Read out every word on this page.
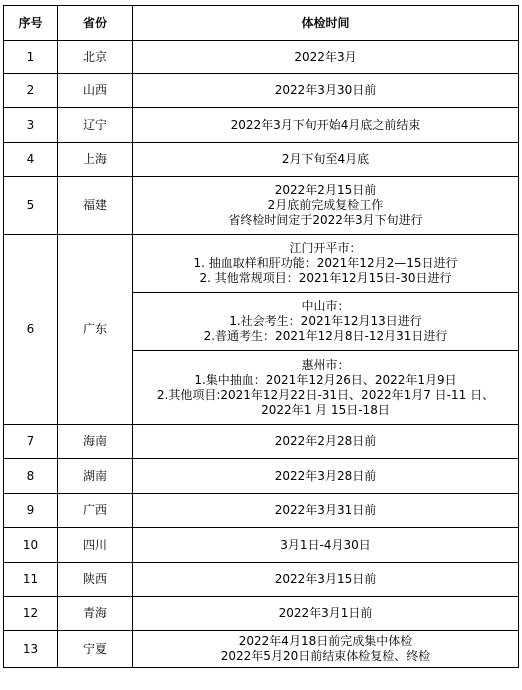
序号	省份	体检时间
1	北京	2022年3月

2	山西	2022年3月30日前

3	辽宁	2022年3月下旬开始4月底之前结束

4	上海	2月下旬至4月底

5	福建	2022年2月15日前
2月底前完成复检工作
省终检时间定于2022年3月下旬进行

6	广东	江门开平市：
1. 抽血取样和肝功能：2021年12月2—15日进行
2. 其他常规项目：2021年12月15日-30日进行

		中山市：
1.社会考生：2021年12月13日进行
2.普通考生：2021年12月8日-12月31日进行

		惠州市：
1.集中抽血：2021年12月26日、2022年1月9日
2.其他项目:2021年12月22日-31日、2022年1月7 日-11 日、
2022年1 月 15日-18日

7	海南	2022年2月28日前

8	湖南	2022年3月28日前

9	广西	2022年3月31日前

10	四川	3月1日-4月30日

11	陕西	2022年3月15日前

12	青海	2022年3月1日前

13	宁夏	2022年4月18日前完成集中体检
2022年5月20日前结束体检复检、终检
